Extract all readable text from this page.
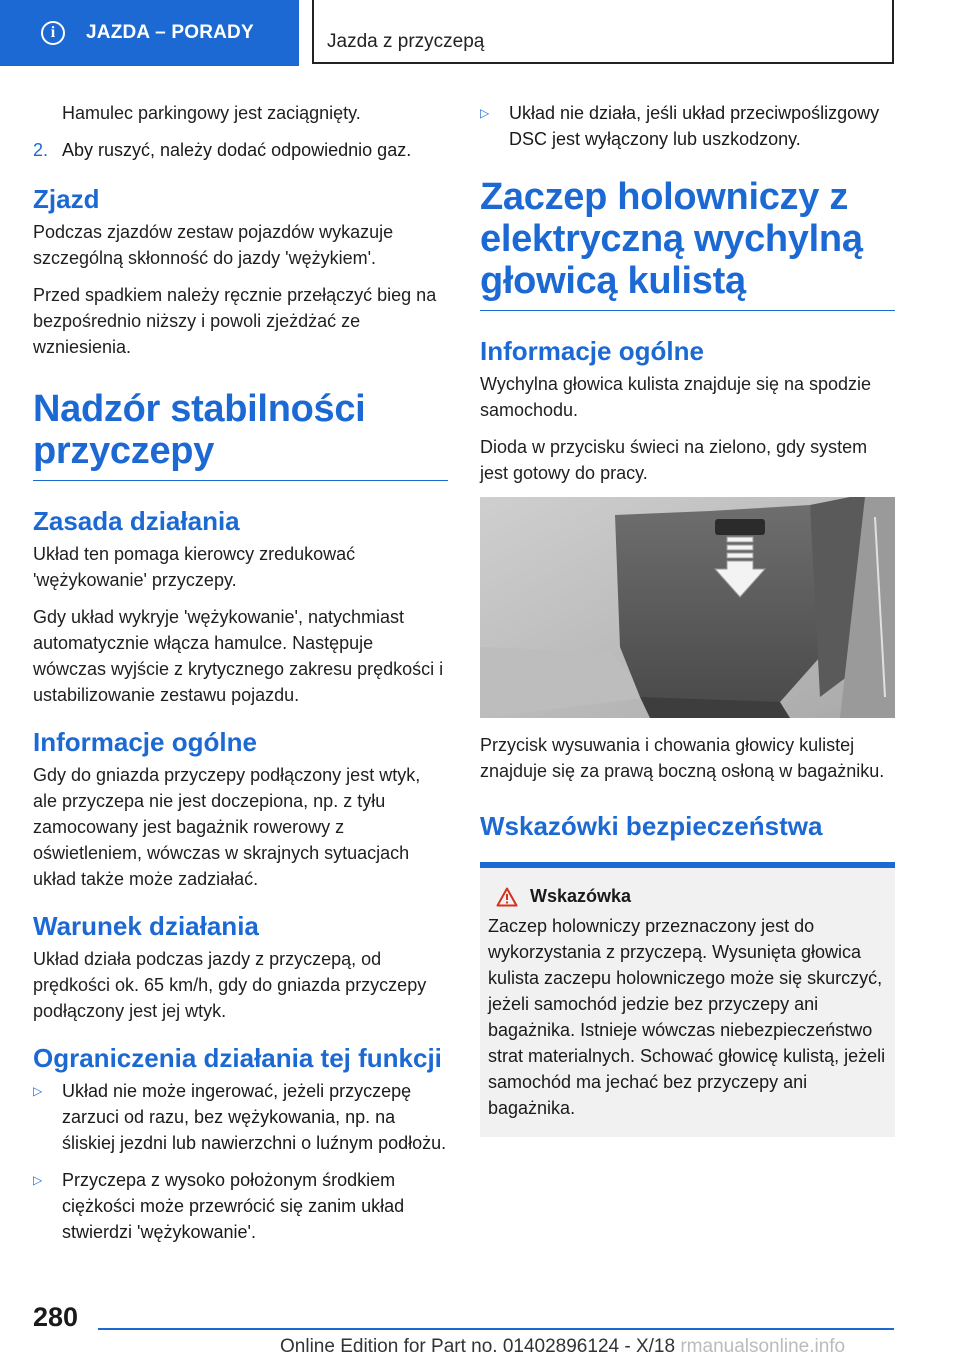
i	JAZDA – PORADY	Jazda z przyczepą

Hamulec parkingowy jest zaciągnięty.

2. Aby ruszyć, należy dodać odpowiednio gaz.
Zjazd

Podczas zjazdów zestaw pojazdów wykazuje szczególną skłonność do jazdy 'wężykiem'.

Przed spadkiem należy ręcznie przełączyć bieg na bezpośrednio niższy i powoli zjeżdżać ze wzniesienia.

Nadzór stabilności przyczepy
Zasada działania

Układ ten pomaga kierowcy zredukować 'wężykowanie' przyczepy.

Gdy układ wykryje 'wężykowanie', natychmiast automatycznie włącza hamulce. Następuje wówczas wyjście z krytycznego zakresu prędkości i ustabilizowanie zestawu pojazdu.

Informacje ogólne

Gdy do gniazda przyczepy podłączony jest wtyk, ale przyczepa nie jest doczepiona, np. z tyłu zamocowany jest bagażnik rowerowy z oświetleniem, wówczas w skrajnych sytuacjach układ także może zadziałać.

Warunek działania

Układ działa podczas jazdy z przyczepą, od prędkości ok. 65 km/h, gdy do gniazda przyczepy podłączony jest jej wtyk.

Ograniczenia działania tej funkcji
▷	Układ nie może ingerować, jeżeli przyczepę zarzuci od razu, bez wężykowania, np. na śliskiej jezdni lub nawierzchni o luźnym podłożu.
▷	Przyczepa z wysoko położonym środkiem ciężkości może przewrócić się zanim układ stwierdzi 'wężykowanie'.
▷	Układ nie działa, jeśli układ przeciwpoślizgowy DSC jest wyłączony lub uszkodzony.
Zaczep holowniczy z elektryczną wychylną głowicą kulistą
Informacje ogólne

Wychylna głowica kulista znajduje się na spodzie samochodu.

Dioda w przycisku świeci na zielono, gdy system jest gotowy do pracy.

Przycisk wysuwania i chowania głowicy kulistej znajduje się za prawą boczną osłoną w bagażniku.

Wskazówki bezpieczeństwa
Wskazówka

Zaczep holowniczy przeznaczony jest do wykorzystania z przyczepą. Wysunięta głowica kulista zaczepu holowniczego może się skurczyć, jeżeli samochód jedzie bez przyczepy ani bagażnika. Istnieje wówczas niebezpieczeństwo strat materialnych. Schować głowicę kulistą, jeżeli samochód ma jechać bez przyczepy ani bagażnika.

280
Online Edition for Part no. 01402896124 - X/18 rmanualsonline.info
